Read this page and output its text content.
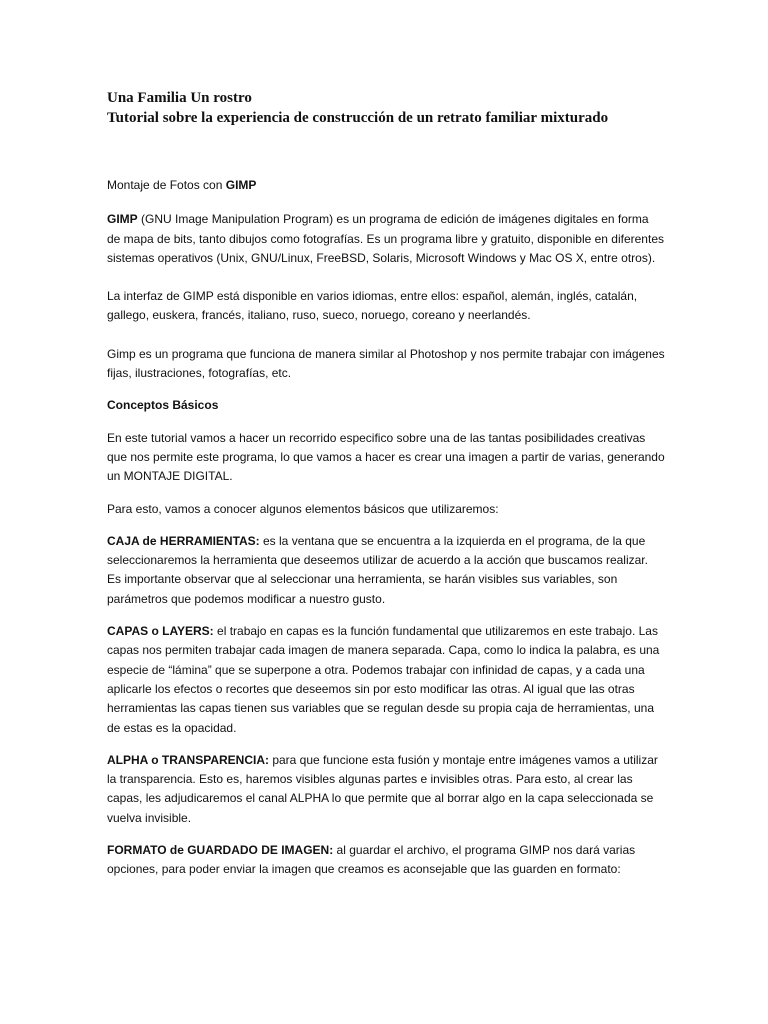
Una Familia Un rostro

Tutorial sobre la experiencia de construcción de un retrato familiar mixturado

Montaje de Fotos con GIMP

GIMP (GNU Image Manipulation Program) es un programa de edición de imágenes digitales en forma de mapa de bits, tanto dibujos como fotografías. Es un programa libre y gratuito, disponible en diferentes sistemas operativos (Unix, GNU/Linux, FreeBSD, Solaris, Microsoft Windows y Mac OS X, entre otros).

La interfaz de GIMP está disponible en varios idiomas, entre ellos: español, alemán, inglés, catalán, gallego, euskera, francés, italiano, ruso, sueco, noruego, coreano y neerlandés.

Gimp es un programa que funciona de manera similar al Photoshop y nos permite trabajar con imágenes fijas, ilustraciones, fotografías, etc.

Conceptos Básicos

En este tutorial vamos a hacer un recorrido especifico sobre una de las tantas posibilidades creativas que nos permite este programa, lo que vamos a hacer es crear una imagen a partir de varias, generando un MONTAJE DIGITAL.

Para esto, vamos a conocer algunos elementos básicos que utilizaremos:

CAJA de HERRAMIENTAS: es la ventana que se encuentra a la izquierda en el programa, de la que seleccionaremos la herramienta que deseemos utilizar de acuerdo a la acción que buscamos realizar. Es importante observar que al seleccionar una herramienta, se harán visibles sus variables, son parámetros que podemos modificar a nuestro gusto.

CAPAS o LAYERS: el trabajo en capas es la función fundamental que utilizaremos en este trabajo. Las capas nos permiten trabajar cada imagen de manera separada. Capa, como lo indica la palabra, es una especie de “lámina” que se superpone a otra. Podemos trabajar con infinidad de capas, y a cada una aplicarle los efectos o recortes que deseemos sin por esto modificar las otras. Al igual que las otras herramientas las capas tienen sus variables que se regulan desde su propia caja de herramientas, una de estas es la opacidad.

ALPHA o TRANSPARENCIA: para que funcione esta fusión y montaje entre imágenes vamos a utilizar la transparencia. Esto es, haremos visibles algunas partes e invisibles otras. Para esto, al crear las capas, les adjudicaremos el canal ALPHA lo que permite que al borrar algo en la capa seleccionada se vuelva invisible.

FORMATO de GUARDADO DE IMAGEN: al guardar el archivo, el programa GIMP nos dará varias opciones, para poder enviar la imagen que creamos es aconsejable que las guarden en formato:
